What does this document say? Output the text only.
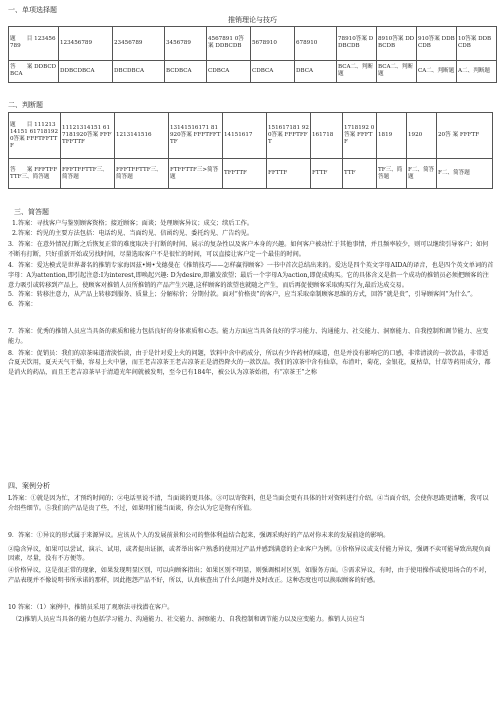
一、单项选择题
推销理论与技巧										
题　　目 123456789	123456789	23456789	3456789	4567891 0答案 DDBCDB	5678910	678910	78910答案 DDBCDB	8910答案 DDBCDB	910答案 DDBCDB	10答案 DDBCDB
答　　案 DDBCDBCA	DDBCDBCA	DBCDBCA	BCDBCA	CDBCA	CDBCA	DBCA	BCA二、判断题	BCA二、判断题	CA二、判断题	A二、判断题
二、判断题
题　　目 11121314151 617181920答案 FFFTFFTTF	11121314151 617181920答案 FFFTFFTTF	1213141516	13141516171 81920答案 FFFTFFTTF	14151617	151617181 920答案 FFFTFFT	161718	1718192 0答案 FFFTF	1819	1920	20答 案 FFFTF
答　　案 FFFTFFTTF三、简答题	FFFTFFTTF三、简答题	FFFTFFTTF三、简答题	FTFFTTF三>简答题	TFFTTF	FFTTF	FTTF	TTF	TF三、简答题	F二、简答题	F二、简答题
三、简答题

1.答案：寻找客户与鉴别顾客资格；接近顾客；面谈；处理顾客异议；成交；续后工作。

2.答案：约见的主要方法包括：电话约见、当面约见、信函约见、委托约见、广告约见。

3．答案：在意外情况打断之后恢复正常的难度取决于打断的时间、展示的复杂性以及客户本身的兴趣。如何客户被动忙于其他事情，并且频率较少，则可以继续引导客户；如何不断有打断，只好重新开始或另找时间，尽量选取客户不是很忙的时间，可以直接让客户定一个最佳的时间。

4．答案：爱达模式是世界著名的推销专家海因兹•姆•戈德曼在《推销技巧——怎样赢得顾客》一书中首次总结出来的。爱达是四个英文字母AIDA的译音，也是四个英文单词的首字母：A为attention,即引起注意:I为interest,即唤起兴趣: D为desire,即激发欲望；最后一个字母A为action,即促成购买。它的具体含义是指一个成功的推销员必须把顾客的注意力吸引或转移到产品上，使顾客对推销人员所推销的产品产生兴趣,这样顾客的欲望也就随之产生，而后再促使顾客采取购买行为,最后达成交易。

5．答案：转移注意力，从产品上转移到服务、质量上；分解标价；分期付款。面对“价格贵”的客户，应当采取牵制顾客思维的方式，回答“就是贵”，引导顾客问“为什么”。

6．答案：

7．答案：优秀的推销人员应当具备的素质和能力包括良好的身体素质和心态。能力方面应当具备良好的学习能力、沟通能力、社交能力、洞察能力、自我控制和调节能力、应变能力。

8．答案：促销员：我们的凉茶味道清淡怡淡，由于是针对爱上火的问题，饮料中含中药成分，所以有少许药材的味道，但是并没有影响它的口感，非常清淡的一款饮品，非常适合夏天饮用，夏天天气干燥，容易上火中暑，而王老吉凉茶王老吉凉茶正是清热降火的一款饮品。我们的凉茶中含有仙草，布渣叶，菊花，金银花，夏枯草，甘草等药用成分，都是消火的药品，而且王老吉凉茶早于清道光年间就被发明，至今已有184年，被公认为凉茶始祖，有“凉茶王”之称

四、案例分析

L答案：①就是因为忙，才预约时间的；②电话里说不清，当面谈的更具体。③可以寄资料，但是当面会更有具体的针对资料进行介绍。④当面介绍，会使你思路更清晰，我可以介绍些细节。⑤我们的产品是贵了些，不过，如果明们能当面谈，你会认为它是物有所值。

9．答案：①异议的形式属于来源异议。应该从个人的发展前景和公司的整体利益结合起来，强调采购好的产品对你未来的发展前途的影响。

②隐含异议，如果可以尝试、演示、试用，或者提出证据，或者举出客户熟悉的使用过产品并感到满意的企业客户为例。③价格异议或支付能力异议，强调不卖可能导致出现负面因素，尽量，没有不方便等。

④价格异议，这是很正常的现象，如果发现明显区别，可以向顾客指出；如果区别不明显，则强调相对区别，如服务方面。⑤需求异议，有时，由于使用操作或使用场合的不对，产品表现并不像说明书所承诺的那样，因此抱怨产品不好，所以，认真核查出了什么问题并及时改正。这种态度也可以换取顾客的好感。

10 答案：（1）案例中，推销员采用了观察法寻找潜在客户。

（2)推销人员应当具备的能力包括学习能力、沟通能力、社交能力、洞察能力、自我控制和调节能力以及应变能力。推销人员应当
